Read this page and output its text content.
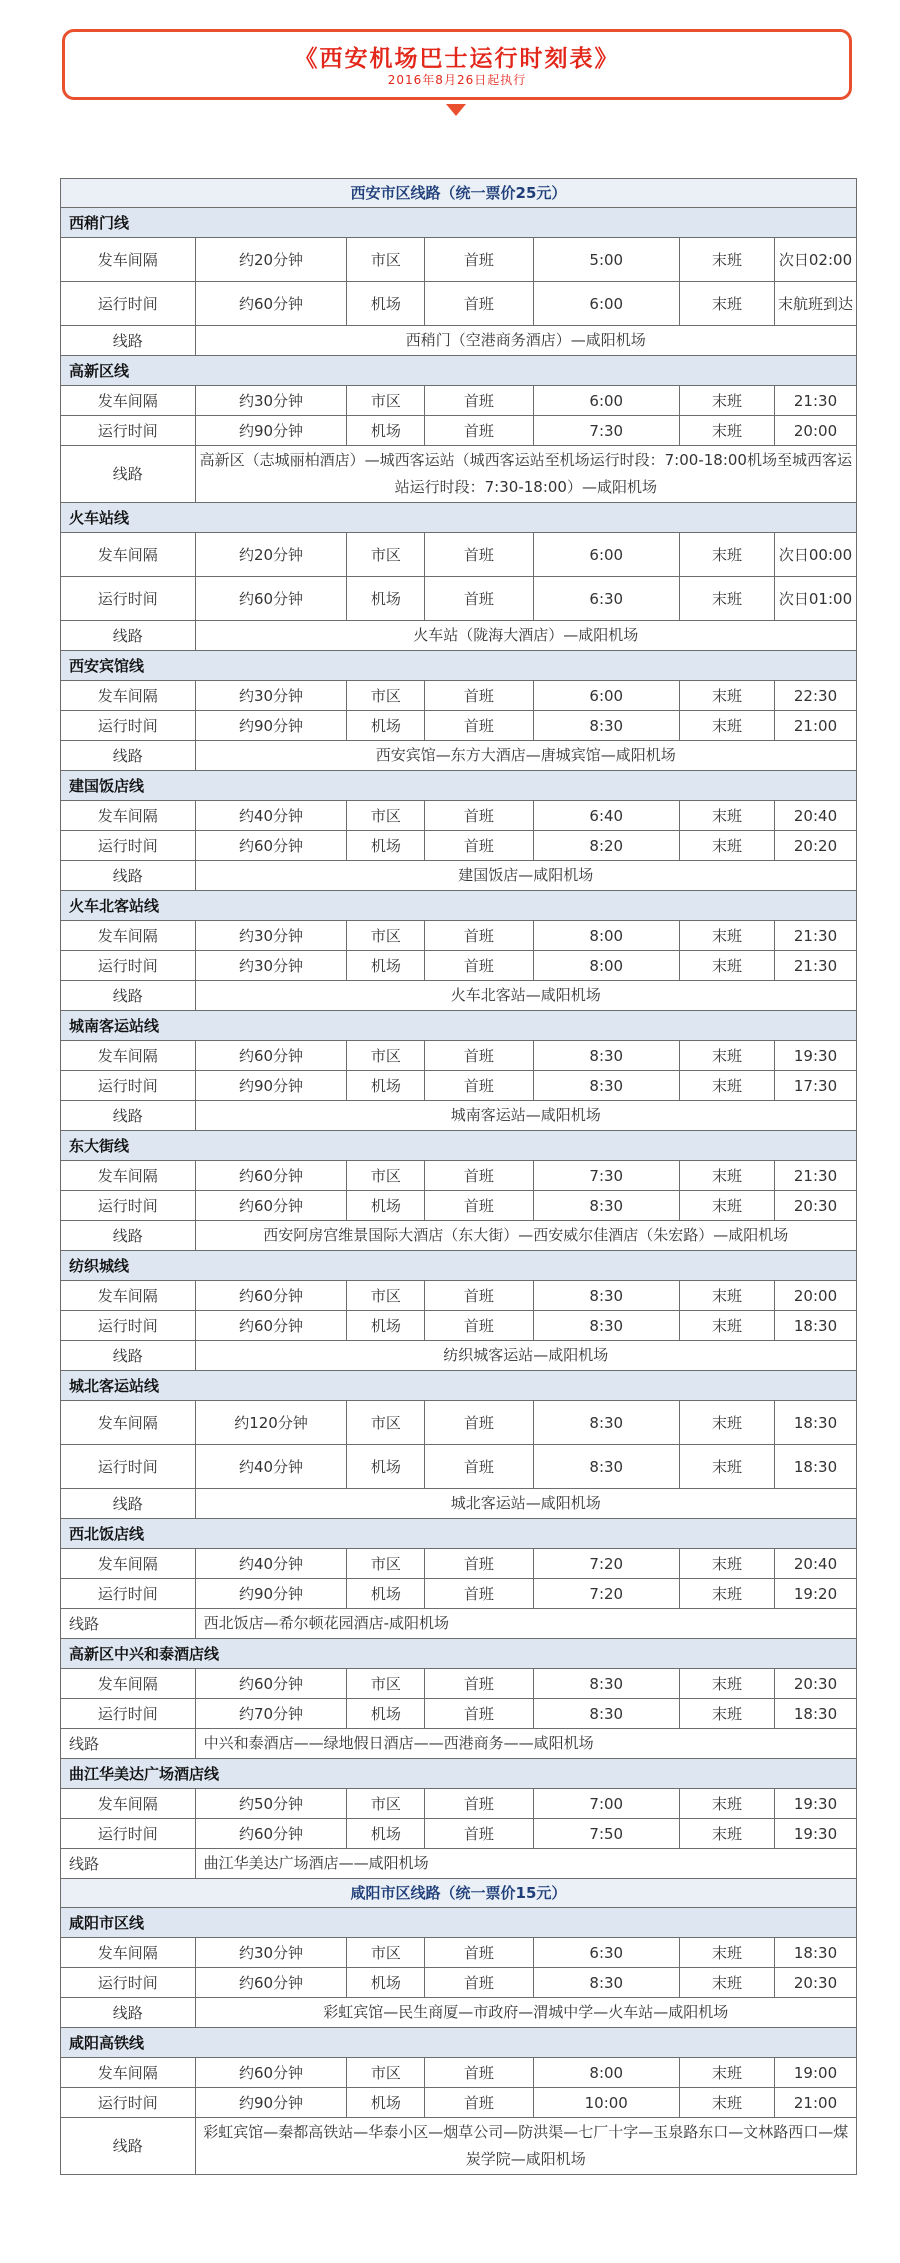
《西安机场巴士运行时刻表》
2016年8月26日起执行
西安市区线路（统一票价25元）						
西稍门线						
发车间隔	约20分钟	市区	首班	5:00	末班	次日02:00
运行时间	约60分钟	机场	首班	6:00	末班	末航班到达
线路	西稍门（空港商务酒店）—咸阳机场					
高新区线						
发车间隔	约30分钟	市区	首班	6:00	末班	21:30
运行时间	约90分钟	机场	首班	7:30	末班	20:00
线路	高新区（志城丽柏酒店）—城西客运站（城西客运站至机场运行时段：7:00-18:00机场至城西客运站运行时段：7:30-18:00）—咸阳机场					
火车站线						
发车间隔	约20分钟	市区	首班	6:00	末班	次日00:00
运行时间	约60分钟	机场	首班	6:30	末班	次日01:00
线路	火车站（陇海大酒店）—咸阳机场					
西安宾馆线						
发车间隔	约30分钟	市区	首班	6:00	末班	22:30
运行时间	约90分钟	机场	首班	8:30	末班	21:00
线路	西安宾馆—东方大酒店—唐城宾馆—咸阳机场					
建国饭店线						
发车间隔	约40分钟	市区	首班	6:40	末班	20:40
运行时间	约60分钟	机场	首班	8:20	末班	20:20
线路	建国饭店—咸阳机场					
火车北客站线						
发车间隔	约30分钟	市区	首班	8:00	末班	21:30
运行时间	约30分钟	机场	首班	8:00	末班	21:30
线路	火车北客站—咸阳机场					
城南客运站线						
发车间隔	约60分钟	市区	首班	8:30	末班	19:30
运行时间	约90分钟	机场	首班	8:30	末班	17:30
线路	城南客运站—咸阳机场					
东大街线						
发车间隔	约60分钟	市区	首班	7:30	末班	21:30
运行时间	约60分钟	机场	首班	8:30	末班	20:30
线路	西安阿房宫维景国际大酒店（东大街）—西安威尔佳酒店（朱宏路）—咸阳机场					
纺织城线						
发车间隔	约60分钟	市区	首班	8:30	末班	20:00
运行时间	约60分钟	机场	首班	8:30	末班	18:30
线路	纺织城客运站—咸阳机场					
城北客运站线						
发车间隔	约120分钟	市区	首班	8:30	末班	18:30
运行时间	约40分钟	机场	首班	8:30	末班	18:30
线路	城北客运站—咸阳机场					
西北饭店线						
发车间隔	约40分钟	市区	首班	7:20	末班	20:40
运行时间	约90分钟	机场	首班	7:20	末班	19:20
线路	西北饭店—希尔顿花园酒店-咸阳机场					
高新区中兴和泰酒店线						
发车间隔	约60分钟	市区	首班	8:30	末班	20:30
运行时间	约70分钟	机场	首班	8:30	末班	18:30
线路	中兴和泰酒店——绿地假日酒店——西港商务——咸阳机场					
曲江华美达广场酒店线						
发车间隔	约50分钟	市区	首班	7:00	末班	19:30
运行时间	约60分钟	机场	首班	7:50	末班	19:30
线路	曲江华美达广场酒店——咸阳机场					
咸阳市区线路（统一票价15元）						
咸阳市区线						
发车间隔	约30分钟	市区	首班	6:30	末班	18:30
运行时间	约60分钟	机场	首班	8:30	末班	20:30
线路	彩虹宾馆—民生商厦—市政府—渭城中学—火车站—咸阳机场					
咸阳高铁线						
发车间隔	约60分钟	市区	首班	8:00	末班	19:00
运行时间	约90分钟	机场	首班	10:00	末班	21:00
线路	彩虹宾馆—秦都高铁站—华泰小区—烟草公司—防洪渠—七厂十字—玉泉路东口—文林路西口—煤炭学院—咸阳机场					
